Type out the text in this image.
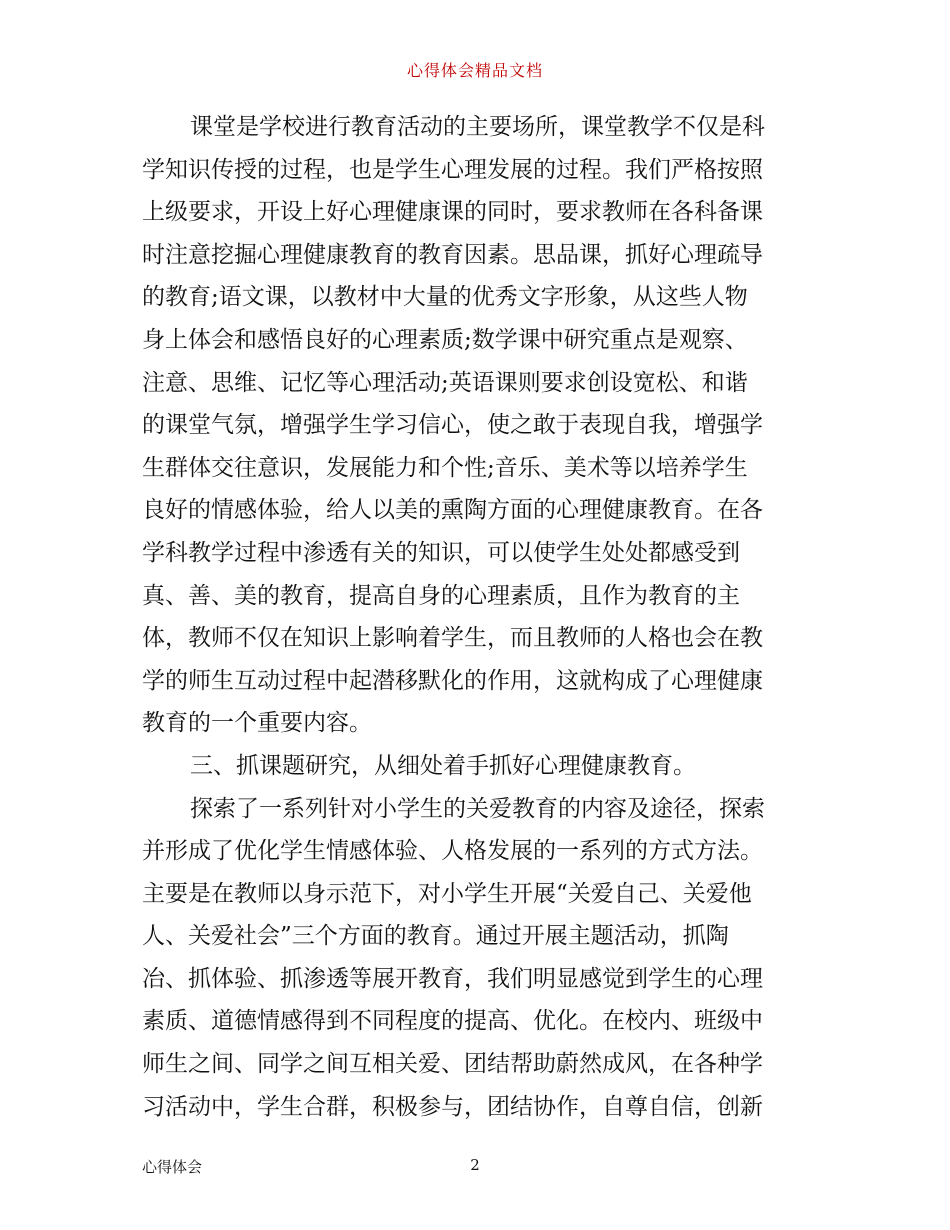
心得体会精品文档
课堂是学校进行教育活动的主要场所，课堂教学不仅是科
学知识传授的过程，也是学生心理发展的过程。我们严格按照
上级要求，开设上好心理健康课的同时，要求教师在各科备课
时注意挖掘心理健康教育的教育因素。思品课，抓好心理疏导
的教育;语文课，以教材中大量的优秀文字形象，从这些人物
身上体会和感悟良好的心理素质;数学课中研究重点是观察、
注意、思维、记忆等心理活动;英语课则要求创设宽松、和谐
的课堂气氛，增强学生学习信心，使之敢于表现自我，增强学
生群体交往意识，发展能力和个性;音乐、美术等以培养学生
良好的情感体验，给人以美的熏陶方面的心理健康教育。在各
学科教学过程中渗透有关的知识，可以使学生处处都感受到
真、善、美的教育，提高自身的心理素质，且作为教育的主
体，教师不仅在知识上影响着学生，而且教师的人格也会在教
学的师生互动过程中起潜移默化的作用，这就构成了心理健康
教育的一个重要内容。
三、抓课题研究，从细处着手抓好心理健康教育。
探索了一系列针对小学生的关爱教育的内容及途径，探索
并形成了优化学生情感体验、人格发展的一系列的方式方法。
主要是在教师以身示范下，对小学生开展“关爱自己、关爱他
人、关爱社会”三个方面的教育。通过开展主题活动，抓陶
冶、抓体验、抓渗透等展开教育，我们明显感觉到学生的心理
素质、道德情感得到不同程度的提高、优化。在校内、班级中
师生之间、同学之间互相关爱、团结帮助蔚然成风，在各种学
习活动中，学生合群，积极参与，团结协作，自尊自信，创新
心得体会	2
